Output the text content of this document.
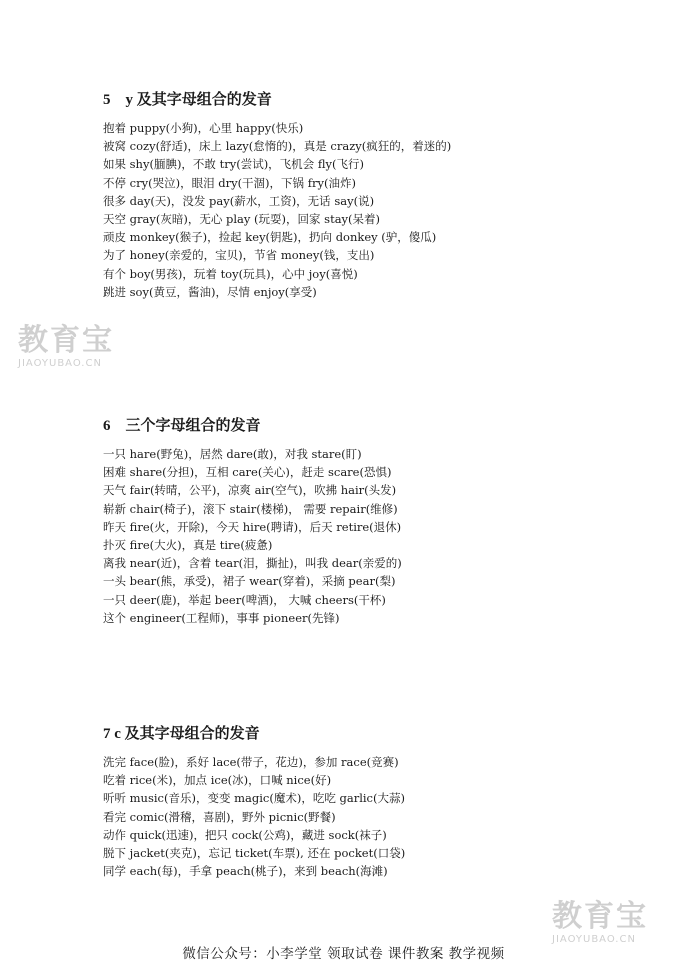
5    y 及其字母组合的发音
抱着 puppy(小狗)，心里 happy(快乐)
被窝 cozy(舒适)，床上 lazy(怠惰的)，真是 crazy(疯狂的，着迷的)
如果 shy(腼腆)，不敢 try(尝试)，飞机会 fly(飞行)
不停 cry(哭泣)，眼泪 dry(干涸)，下锅 fry(油炸)
很多 day(天)，没发 pay(薪水，工资)，无话 say(说)
天空 gray(灰暗)，无心 play (玩耍)，回家 stay(呆着)
顽皮 monkey(猴子)，捡起 key(钥匙)，扔向 donkey (驴，傻瓜)
为了 honey(亲爱的，宝贝)，节省 money(钱，支出)
有个 boy(男孩)，玩着 toy(玩具)，心中 joy(喜悦)
跳进 soy(黄豆，酱油)，尽情 enjoy(享受)
6    三个字母组合的发音
一只 hare(野兔)，居然 dare(敢)，对我 stare(盯)
困难 share(分担)，互相 care(关心)，赶走 scare(恐惧)
天气 fair(转晴，公平)，凉爽 air(空气)，吹拂 hair(头发)
崭新 chair(椅子)，滚下 stair(楼梯)， 需要 repair(维修)
昨天 fire(火，开除)，今天 hire(聘请)，后天 retire(退休)
扑灭 fire(大火)，真是 tire(疲惫)
离我 near(近)，含着 tear(泪，撕扯)，叫我 dear(亲爱的)
一头 bear(熊，承受)，裙子 wear(穿着)，采摘 pear(梨)
一只 deer(鹿)，举起 beer(啤酒)， 大喊 cheers(干杯)
这个 engineer(工程师)，事事 pioneer(先锋)
7 c 及其字母组合的发音
洗完 face(脸)，系好 lace(带子，花边)，参加 race(竞赛)
吃着 rice(米)，加点 ice(冰)，口喊 nice(好)
听听 music(音乐)，变变 magic(魔术)，吃吃 garlic(大蒜)
看完 comic(滑稽，喜剧)，野外 picnic(野餐)
动作 quick(迅速)，把只 cock(公鸡)，藏进 sock(袜子)
脱下 jacket(夹克)，忘记 ticket(车票), 还在 pocket(口袋)
同学 each(每)，手拿 peach(桃子)，来到 beach(海滩)
教育宝
JIAOYUBAO.CN
教育宝
JIAOYUBAO.CN
微信公众号：小李学堂 领取试卷 课件教案 教学视频
